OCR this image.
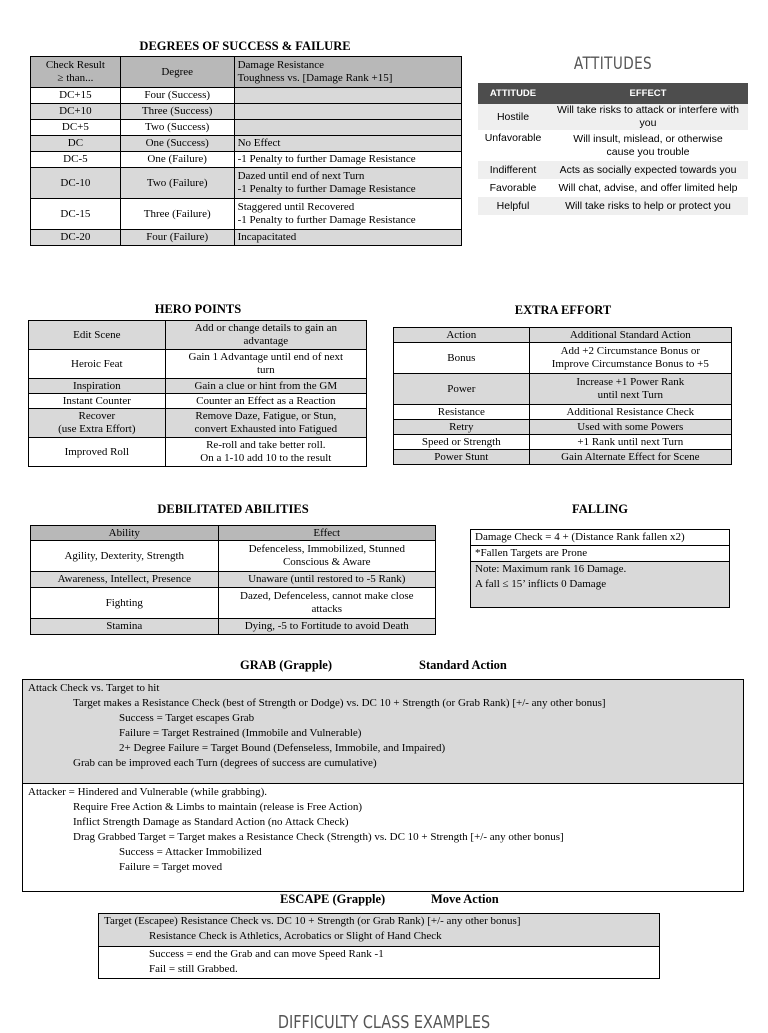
DEGREES OF SUCCESS & FAILURE
Check Result
≥ than...	Degree	Damage Resistance
Toughness vs. [Damage Rank +15]
DC+15	Four (Success)	
DC+10	Three (Success)	
DC+5	Two (Success)	
DC	One (Success)	No Effect
DC-5	One (Failure)	-1 Penalty to further Damage Resistance
DC-10	Two (Failure)	Dazed until end of next Turn
-1 Penalty to further Damage Resistance
DC-15	Three (Failure)	Staggered until Recovered
-1 Penalty to further Damage Resistance
DC-20	Four (Failure)	Incapacitated
ATTITUDES
ATTITUDE	EFFECT
Hostile	Will take risks to attack or interfere with you
Unfavorable	Will insult, mislead, or otherwise
cause you trouble
Indifferent	Acts as socially expected towards you
Favorable	Will chat, advise, and offer limited help
Helpful	Will take risks to help or protect you
HERO POINTS
Edit Scene	Add or change details to gain an
advantage
Heroic Feat	Gain 1 Advantage until end of next
turn
Inspiration	Gain a clue or hint from the GM
Instant Counter	Counter an Effect as a Reaction
Recover
(use Extra Effort)	Remove Daze, Fatigue, or Stun,
convert Exhausted into Fatigued
Improved Roll	Re-roll and take better roll.
On a 1-10 add 10 to the result
EXTRA EFFORT
Action	Additional Standard Action
Bonus	Add +2 Circumstance Bonus or
Improve Circumstance Bonus to +5
Power	Increase +1 Power Rank
until next Turn
Resistance	Additional Resistance Check
Retry	Used with some Powers
Speed or Strength	+1 Rank until next Turn
Power Stunt	Gain Alternate Effect for Scene
DEBILITATED ABILITIES
Ability	Effect
Agility, Dexterity, Strength	Defenceless, Immobilized, Stunned
Conscious & Aware
Awareness, Intellect, Presence	Unaware (until restored to -5 Rank)
Fighting	Dazed, Defenceless, cannot make close
attacks
Stamina	Dying, -5 to Fortitude to avoid Death
FALLING
Damage Check = 4 + (Distance Rank fallen x2)
*Fallen Targets are Prone
Note: Maximum rank 16 Damage.
A fall ≤ 15’ inflicts 0 Damage
GRAB (Grapple)	Standard Action
Attack Check vs. Target to hit
Target makes a Resistance Check (best of Strength or Dodge) vs. DC 10 + Strength (or Grab Rank) [+/- any other bonus]
Success = Target escapes Grab
Failure = Target Restrained (Immobile and Vulnerable)
2+ Degree Failure = Target Bound (Defenseless, Immobile, and Impaired)
Grab can be improved each Turn (degrees of success are cumulative)
Attacker = Hindered and Vulnerable (while grabbing).
Require Free Action & Limbs to maintain (release is Free Action)
Inflict Strength Damage as Standard Action (no Attack Check)
Drag Grabbed Target = Target makes a Resistance Check (Strength) vs. DC 10 + Strength [+/- any other bonus]
Success = Attacker Immobilized
Failure = Target moved
ESCAPE (Grapple)	Move Action
Target (Escapee) Resistance Check vs. DC 10 + Strength (or Grab Rank) [+/- any other bonus]
Resistance Check is Athletics, Acrobatics or Slight of Hand Check
Success = end the Grab and can move Speed Rank -1
Fail = still Grabbed.
DIFFICULTY CLASS EXAMPLES
